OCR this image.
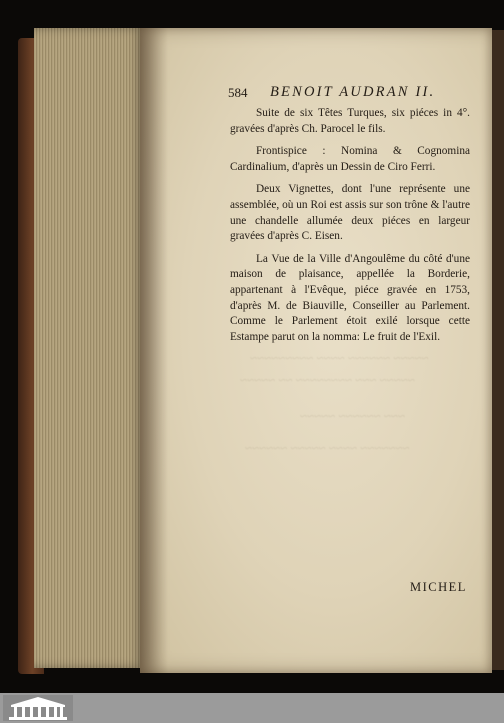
~~~~~ ~~~~~~ ~~~~ ~~~~~~~~~
~~~~~ ~~~ ~~~~~~~~ ~~ ~~~~~
~~~ ~~~~~~ ~~~~~
~~~~~~~ ~~~~ ~~~~~ ~~~~~~
584 BENOIT AUDRAN II.

Suite de six Têtes Turques, six piéces in 4°. gravées d'après Ch. Parocel le fils.

Frontispice : Nomina & Cognomina Cardinalium, d'après un Dessin de Ciro Ferri.

Deux Vignettes, dont l'une représente une assemblée, où un Roi est assis sur son trône & l'autre une chandelle allumée deux piéces en largeur gravées d'après C. Eisen.

La Vue de la Ville d'Angoulême du côté d'une maison de plaisance, appellée la Borderie, appartenant à l'Evêque, piéce gravée en 1753, d'après M. de Biauville, Conseiller au Parlement. Comme le Parlement étoit exilé lorsque cette Estampe parut on la nomma: Le fruit de l'Exil.

MICHEL
